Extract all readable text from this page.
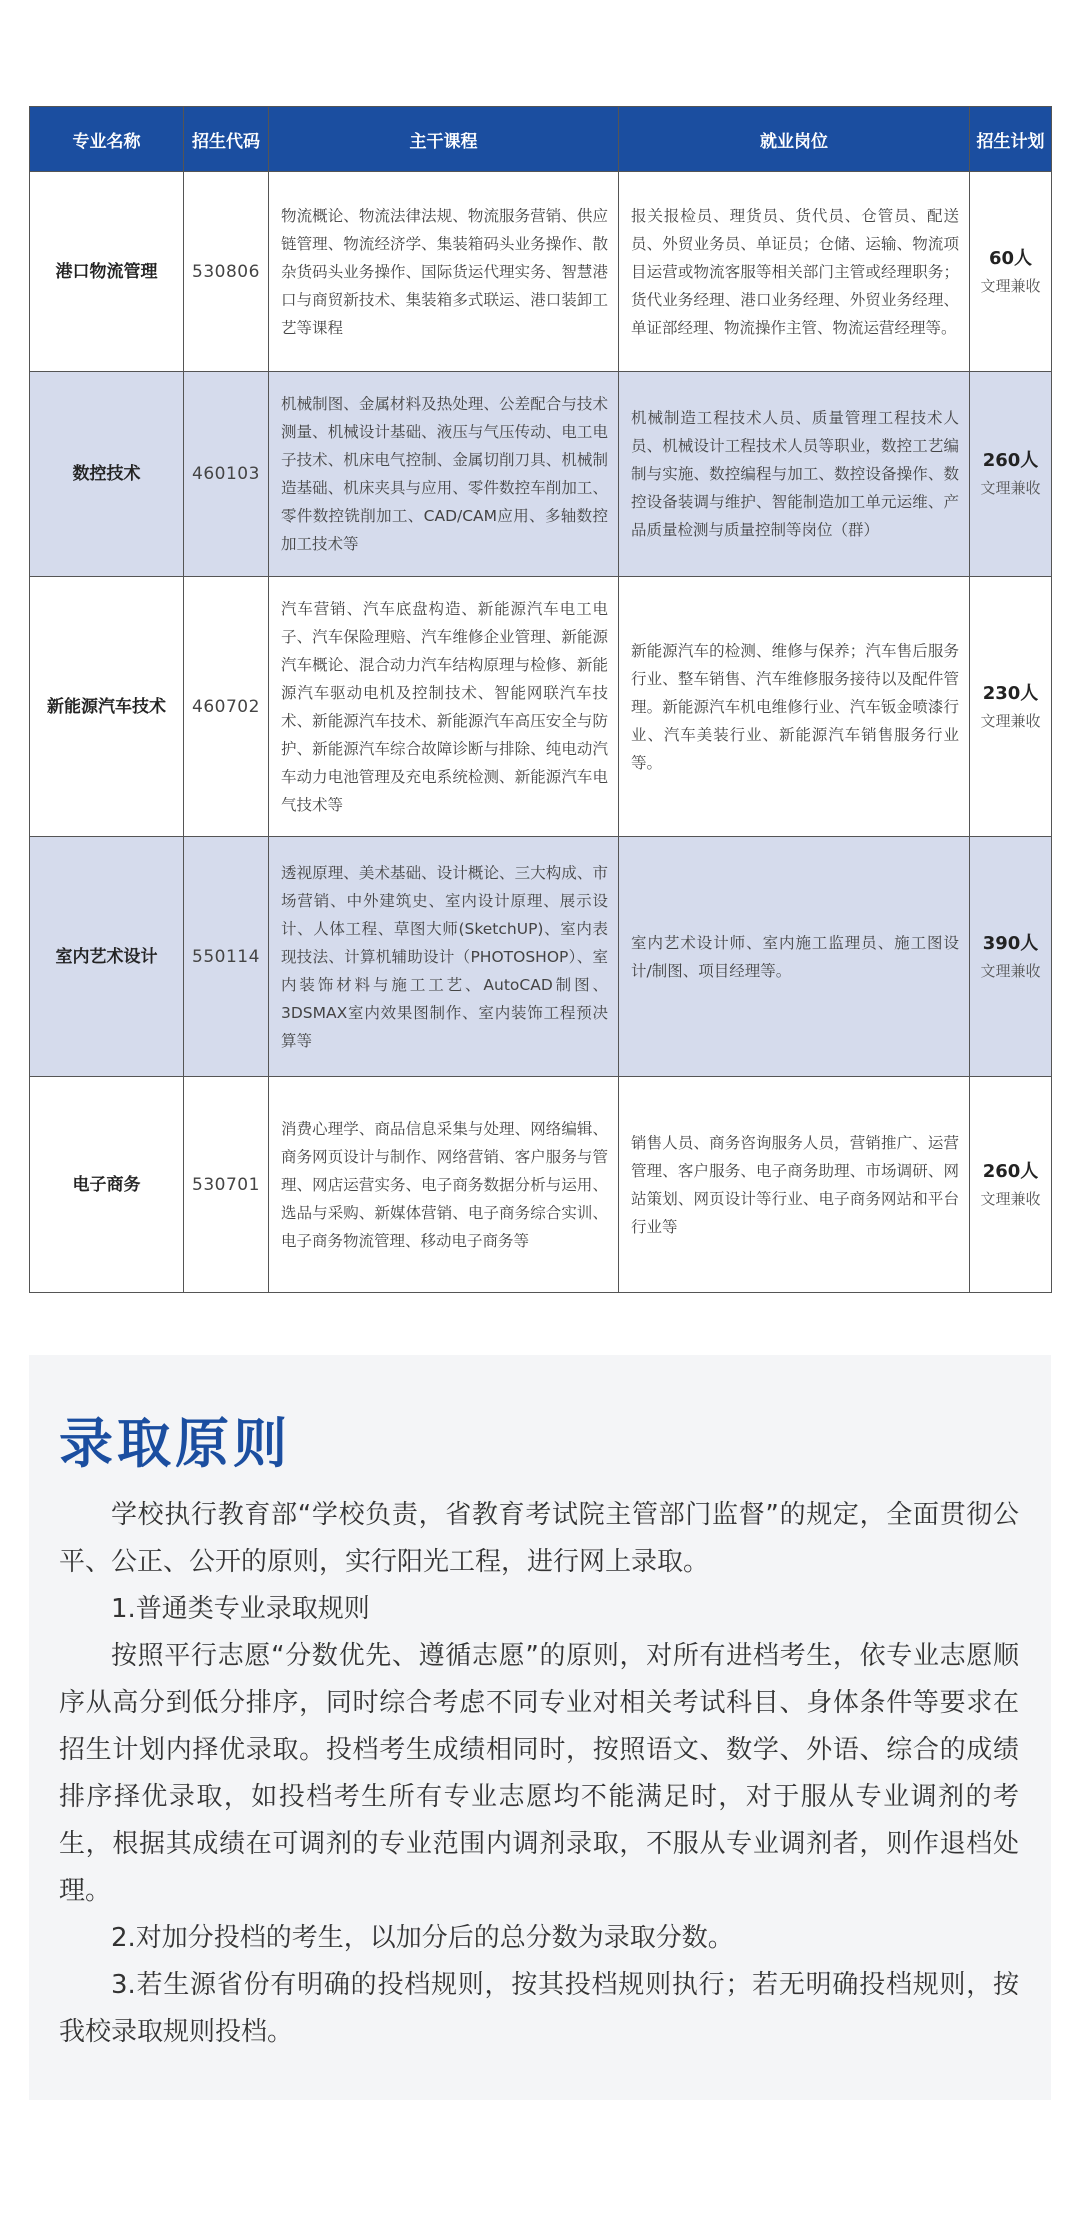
专业名称	招生代码	主干课程	就业岗位	招生计划
港口物流管理	530806	物流概论、物流法律法规、物流服务营销、供应链管理、物流经济学、集装箱码头业务操作、散杂货码头业务操作、国际货运代理实务、智慧港口与商贸新技术、集装箱多式联运、港口装卸工艺等课程	报关报检员、理货员、货代员、仓管员、配送员、外贸业务员、单证员；仓储、运输、物流项目运营或物流客服等相关部门主管或经理职务；货代业务经理、港口业务经理、外贸业务经理、单证部经理、物流操作主管、物流运营经理等。	60人
文理兼收

数控技术	460103	机械制图、金属材料及热处理、公差配合与技术测量、机械设计基础、液压与气压传动、电工电子技术、机床电气控制、金属切削刀具、机械制造基础、机床夹具与应用、零件数控车削加工、零件数控铣削加工、CAD/CAM应用、多轴数控加工技术等	机械制造工程技术人员、质量管理工程技术人员、机械设计工程技术人员等职业，数控工艺编制与实施、数控编程与加工、数控设备操作、数控设备装调与维护、智能制造加工单元运维、产品质量检测与质量控制等岗位（群）	260人
文理兼收

新能源汽车技术	460702	汽车营销、汽车底盘构造、新能源汽车电工电子、汽车保险理赔、汽车维修企业管理、新能源汽车概论、混合动力汽车结构原理与检修、新能源汽车驱动电机及控制技术、智能网联汽车技术、新能源汽车技术、新能源汽车高压安全与防护、新能源汽车综合故障诊断与排除、纯电动汽车动力电池管理及充电系统检测、新能源汽车电气技术等	新能源汽车的检测、维修与保养；汽车售后服务行业、整车销售、汽车维修服务接待以及配件管理。新能源汽车机电维修行业、汽车钣金喷漆行业、汽车美装行业、新能源汽车销售服务行业等。	230人
文理兼收

室内艺术设计	550114	透视原理、美术基础、设计概论、三大构成、市场营销、中外建筑史、室内设计原理、展示设计、人体工程、草图大师(SketchUP)、室内表现技法、计算机辅助设计（PHOTOSHOP）、室内装饰材料与施工工艺、AutoCAD制图、3DSMAX室内效果图制作、室内装饰工程预决算等	室内艺术设计师、室内施工监理员、施工图设计/制图、项目经理等。	390人
文理兼收

电子商务	530701	消费心理学、商品信息采集与处理、网络编辑、商务网页设计与制作、网络营销、客户服务与管理、网店运营实务、电子商务数据分析与运用、选品与采购、新媒体营销、电子商务综合实训、电子商务物流管理、移动电子商务等	销售人员、商务咨询服务人员，营销推广、运营管理、客户服务、电子商务助理、市场调研、网站策划、网页设计等行业、电子商务网站和平台行业等	260人
文理兼收
录取原则

学校执行教育部“学校负责，省教育考试院主管部门监督”的规定，全面贯彻公平、公正、公开的原则，实行阳光工程，进行网上录取。

1.普通类专业录取规则

按照平行志愿“分数优先、遵循志愿”的原则，对所有进档考生，依专业志愿顺序从高分到低分排序，同时综合考虑不同专业对相关考试科目、身体条件等要求在招生计划内择优录取。投档考生成绩相同时，按照语文、数学、外语、综合的成绩排序择优录取，如投档考生所有专业志愿均不能满足时，对于服从专业调剂的考生，根据其成绩在可调剂的专业范围内调剂录取，不服从专业调剂者，则作退档处理。

2.对加分投档的考生，以加分后的总分数为录取分数。

3.若生源省份有明确的投档规则，按其投档规则执行；若无明确投档规则，按我校录取规则投档。
